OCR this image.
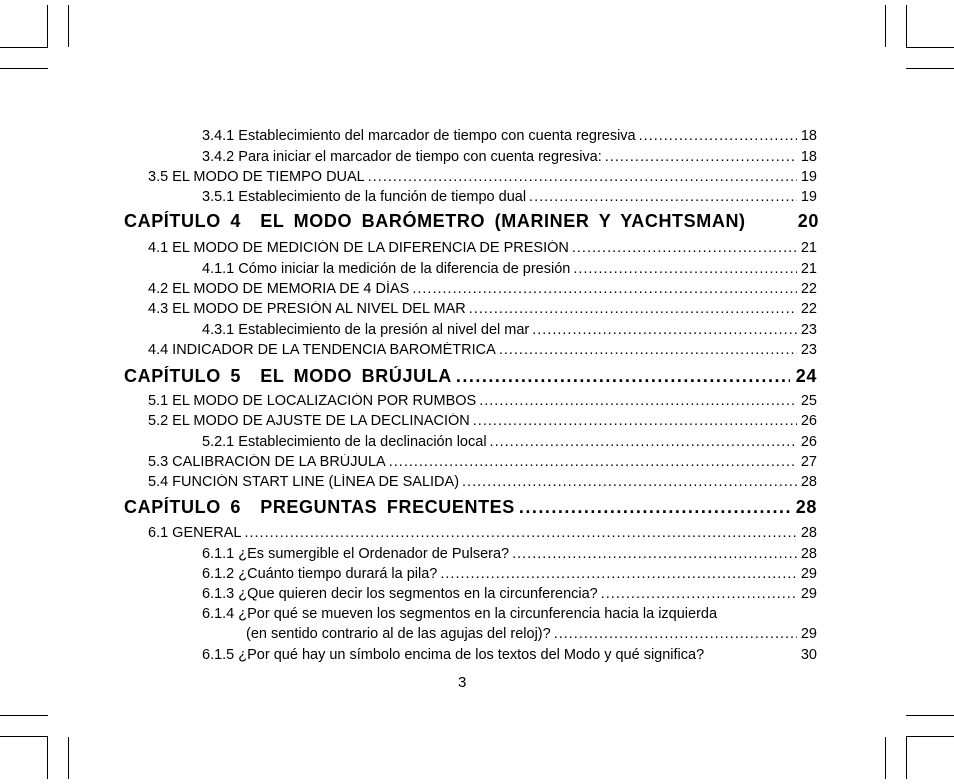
3.4.1 Establecimiento del marcador de tiempo con cuenta regresiva .....	18
3.4.2 Para iniciar el marcador de tiempo con cuenta regresiva: .....	18
3.5 EL MODO DE TIEMPO DUAL .....	19
3.5.1 Establecimiento de la función de tiempo dual .....	19
CAPÍTULO 4  EL MODO BARÓMETRO (MARINER Y YACHTSMAN)	20
4.1 EL MODO DE MEDICIÓN DE LA DIFERENCIA DE PRESIÓN .....	21
4.1.1 Cómo iniciar la medición de la diferencia de presión .....	21
4.2 EL MODO DE MEMORIA DE 4 DÍAS .....	22
4.3 EL MODO DE PRESIÓN AL NIVEL DEL MAR .....	22
4.3.1 Establecimiento de la presión al nivel del mar .....	23
4.4 INDICADOR DE LA TENDENCIA BAROMÉTRICA .....	23
CAPÍTULO 5  EL MODO BRÚJULA .....	24
5.1 EL MODO DE LOCALIZACIÓN POR RUMBOS .....	25
5.2 EL MODO DE AJUSTE DE LA DECLINACIÓN .....	26
5.2.1 Establecimiento de la declinación local .....	26
5.3 CALIBRACIÓN DE LA BRÚJULA .....	27
5.4 FUNCIÓN START LINE (LÍNEA DE SALIDA) .....	28
CAPÍTULO 6  PREGUNTAS FRECUENTES .....	28
6.1 GENERAL .....	28
6.1.1 ¿Es sumergible el Ordenador de Pulsera? .....	28
6.1.2 ¿Cuánto tiempo durará la pila? .....	29
6.1.3 ¿Que quieren decir los segmentos en la circunferencia? .....	29
6.1.4 ¿Por qué se mueven los segmentos en la circunferencia hacia la izquierda
(en sentido contrario al de las agujas del reloj)? .....	29
6.1.5 ¿Por qué hay un símbolo encima de los textos del Modo y qué significa?	30
3
